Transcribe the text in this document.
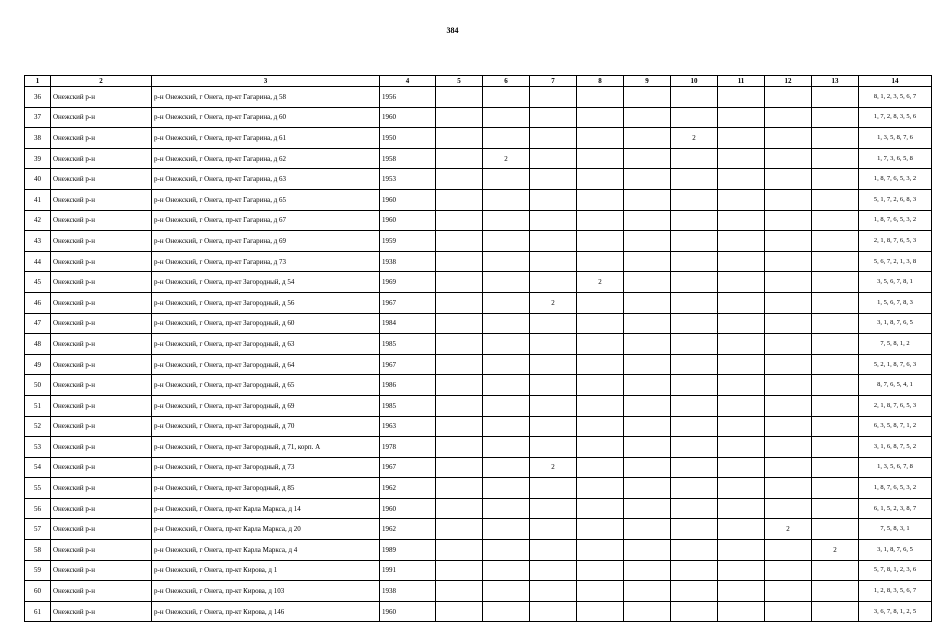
384
1	2	3	4	5	6	7	8	9	10	11	12	13	14
36	Онежский р-н	р-н Онежский, г Онега, пр-кт Гагарина, д 58	1956										8, 1, 2, 3, 5, 6, 7
37	Онежский р-н	р-н Онежский, г Онега, пр-кт Гагарина, д 60	1960										1, 7, 2, 8, 3, 5, 6
38	Онежский р-н	р-н Онежский, г Онега, пр-кт Гагарина, д 61	1950						2				1, 3, 5, 8, 7, 6
39	Онежский р-н	р-н Онежский, г Онега, пр-кт Гагарина, д 62	1958		2								1, 7, 3, 6, 5, 8
40	Онежский р-н	р-н Онежский, г Онега, пр-кт Гагарина, д 63	1953										1, 8, 7, 6, 5, 3, 2
41	Онежский р-н	р-н Онежский, г Онега, пр-кт Гагарина, д 65	1960										5, 1, 7, 2, 6, 8, 3
42	Онежский р-н	р-н Онежский, г Онега, пр-кт Гагарина, д 67	1960										1, 8, 7, 6, 5, 3, 2
43	Онежский р-н	р-н Онежский, г Онега, пр-кт Гагарина, д 69	1959										2, 1, 8, 7, 6, 5, 3
44	Онежский р-н	р-н Онежский, г Онега, пр-кт Гагарина, д 73	1938										5, 6, 7, 2, 1, 3, 8
45	Онежский р-н	р-н Онежский, г Онега, пр-кт Загородный, д 54	1969				2						3, 5, 6, 7, 8, 1
46	Онежский р-н	р-н Онежский, г Онега, пр-кт Загородный, д 56	1967			2							1, 5, 6, 7, 8, 3
47	Онежский р-н	р-н Онежский, г Онега, пр-кт Загородный, д 60	1984										3, 1, 8, 7, 6, 5
48	Онежский р-н	р-н Онежский, г Онега, пр-кт Загородный, д 63	1985										7, 5, 8, 1, 2
49	Онежский р-н	р-н Онежский, г Онега, пр-кт Загородный, д 64	1967										5, 2, 1, 8, 7, 6, 3
50	Онежский р-н	р-н Онежский, г Онега, пр-кт Загородный, д 65	1986										8, 7, 6, 5, 4, 1
51	Онежский р-н	р-н Онежский, г Онега, пр-кт Загородный, д 69	1985										2, 1, 8, 7, 6, 5, 3
52	Онежский р-н	р-н Онежский, г Онега, пр-кт Загородный, д 70	1963										6, 3, 5, 8, 7, 1, 2
53	Онежский р-н	р-н Онежский, г Онега, пр-кт Загородный, д 71, корп. А	1978										3, 1, 6, 8, 7, 5, 2
54	Онежский р-н	р-н Онежский, г Онега, пр-кт Загородный, д 73	1967			2							1, 3, 5, 6, 7, 8
55	Онежский р-н	р-н Онежский, г Онега, пр-кт Загородный, д 85	1962										1, 8, 7, 6, 5, 3, 2
56	Онежский р-н	р-н Онежский, г Онега, пр-кт Карла Маркса, д 14	1960										6, 1, 5, 2, 3, 8, 7
57	Онежский р-н	р-н Онежский, г Онега, пр-кт Карла Маркса, д 20	1962								2		7, 5, 8, 3, 1
58	Онежский р-н	р-н Онежский, г Онега, пр-кт Карла Маркса, д 4	1989									2	3, 1, 8, 7, 6, 5
59	Онежский р-н	р-н Онежский, г Онега, пр-кт Кирова, д 1	1991										5, 7, 8, 1, 2, 3, 6
60	Онежский р-н	р-н Онежский, г Онега, пр-кт Кирова, д 103	1938										1, 2, 8, 3, 5, 6, 7
61	Онежский р-н	р-н Онежский, г Онега, пр-кт Кирова, д 146	1960										3, 6, 7, 8, 1, 2, 5
